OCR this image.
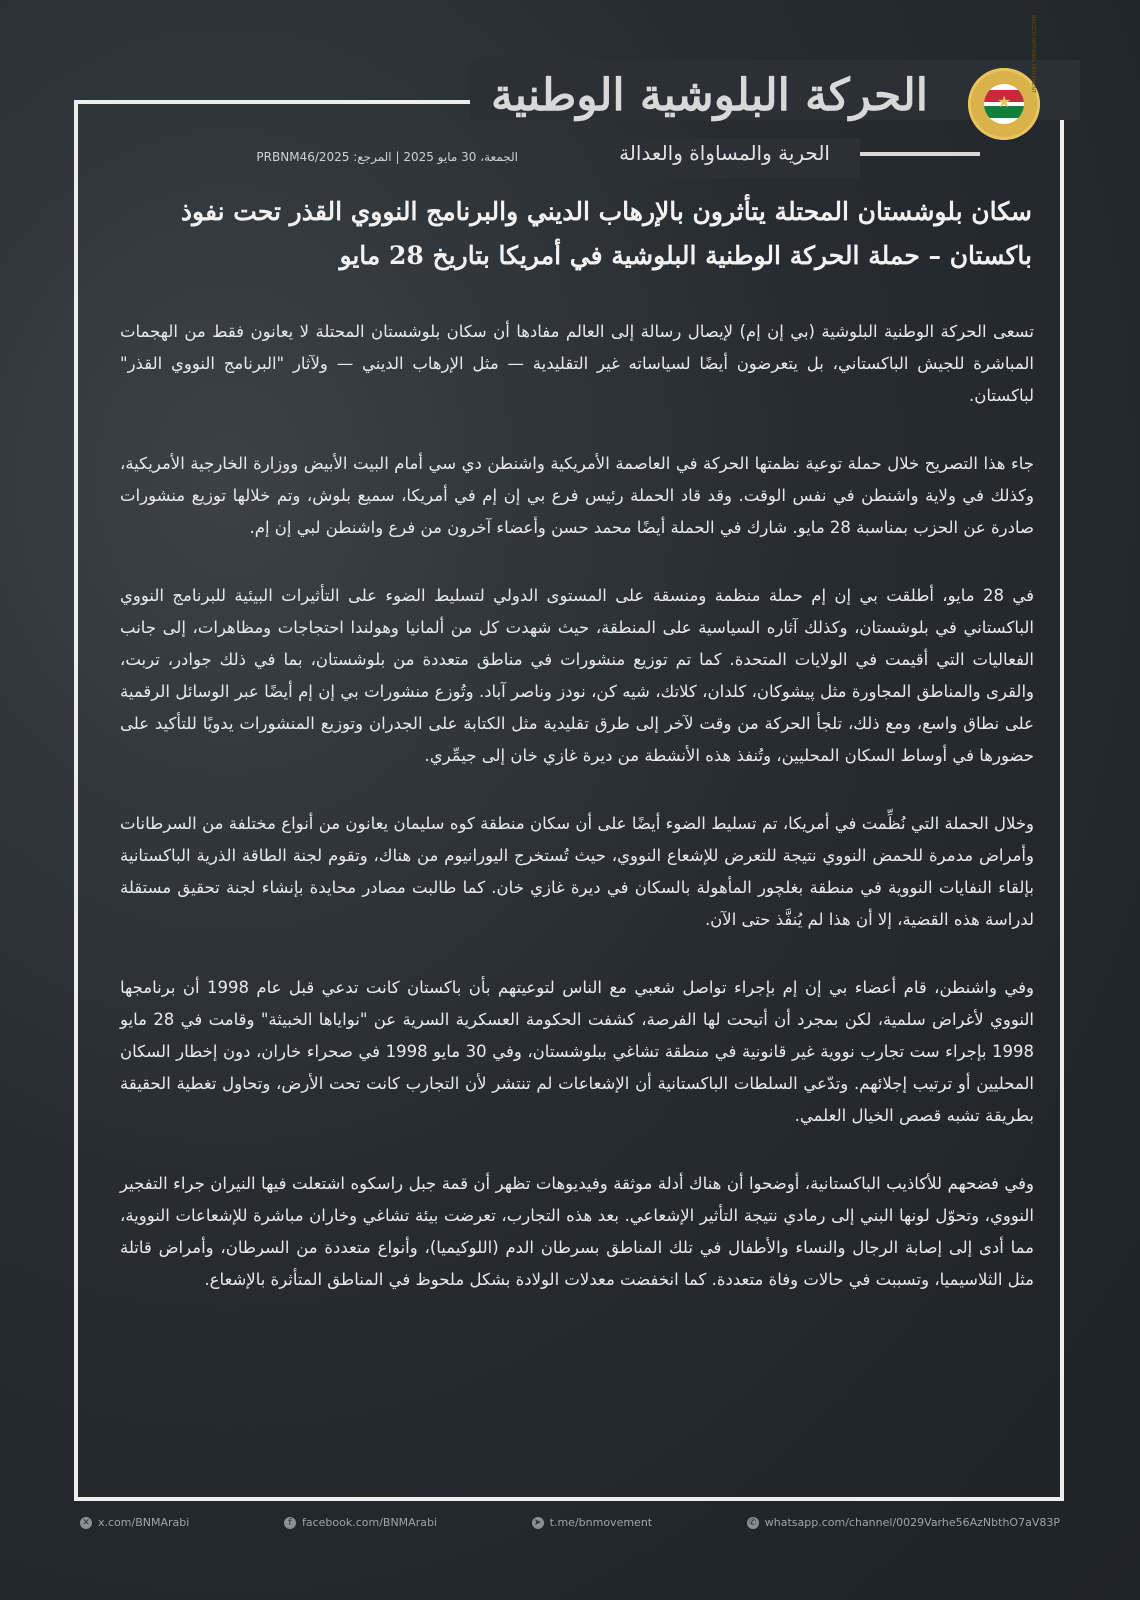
★
BALOCH NATIONAL MOVEMENT
الحركة البلوشية الوطنية
الحرية والمساواة والعدالة
الجمعة، 30 مايو 2025 | المرجع: PRBNM46/2025
سكان بلوشستان المحتلة يتأثرون بالإرهاب الديني والبرنامج النووي القذر تحت نفوذ باكستان – حملة الحركة الوطنية البلوشية في أمريكا بتاريخ 28 مايو

تسعى الحركة الوطنية البلوشية (بي إن إم) لإيصال رسالة إلى العالم مفادها أن سكان بلوشستان المحتلة لا يعانون فقط من الهجمات المباشرة للجيش الباكستاني، بل يتعرضون أيضًا لسياساته غير التقليدية — مثل الإرهاب الديني — ولآثار "البرنامج النووي القذر" لباكستان.

جاء هذا التصريح خلال حملة توعية نظمتها الحركة في العاصمة الأمريكية واشنطن دي سي أمام البيت الأبيض ووزارة الخارجية الأمريكية، وكذلك في ولاية واشنطن في نفس الوقت. وقد قاد الحملة رئيس فرع بي إن إم في أمريكا، سميع بلوش، وتم خلالها توزيع منشورات صادرة عن الحزب بمناسبة 28 مايو. شارك في الحملة أيضًا محمد حسن وأعضاء آخرون من فرع واشنطن لبي إن إم.

في 28 مايو، أطلقت بي إن إم حملة منظمة ومنسقة على المستوى الدولي لتسليط الضوء على التأثيرات البيئية للبرنامج النووي الباكستاني في بلوشستان، وكذلك آثاره السياسية على المنطقة، حيث شهدت كل من ألمانيا وهولندا احتجاجات ومظاهرات، إلى جانب الفعاليات التي أقيمت في الولايات المتحدة. كما تم توزيع منشورات في مناطق متعددة من بلوشستان، بما في ذلك جوادر، تربت، والقرى والمناطق المجاورة مثل پيشوكان، كلدان، كلاتك، شيه كن، نودز وناصر آباد. وتُوزع منشورات بي إن إم أيضًا عبر الوسائل الرقمية على نطاق واسع، ومع ذلك، تلجأ الحركة من وقت لآخر إلى طرق تقليدية مثل الكتابة على الجدران وتوزيع المنشورات يدويًا للتأكيد على حضورها في أوساط السكان المحليين، وتُنفذ هذه الأنشطة من ديرة غازي خان إلى جيمِّري.

وخلال الحملة التي نُظِّمت في أمريكا، تم تسليط الضوء أيضًا على أن سكان منطقة كوه سليمان يعانون من أنواع مختلفة من السرطانات وأمراض مدمرة للحمض النووي نتيجة للتعرض للإشعاع النووي، حيث تُستخرج اليورانيوم من هناك، وتقوم لجنة الطاقة الذرية الباكستانية بإلقاء النفايات النووية في منطقة بغلچور المأهولة بالسكان في ديرة غازي خان. كما طالبت مصادر محايدة بإنشاء لجنة تحقيق مستقلة لدراسة هذه القضية، إلا أن هذا لم يُنفَّذ حتى الآن.

وفي واشنطن، قام أعضاء بي إن إم بإجراء تواصل شعبي مع الناس لتوعيتهم بأن باكستان كانت تدعي قبل عام 1998 أن برنامجها النووي لأغراض سلمية، لكن بمجرد أن أتيحت لها الفرصة، كشفت الحكومة العسكرية السرية عن "نواياها الخبيثة" وقامت في 28 مايو 1998 بإجراء ست تجارب نووية غير قانونية في منطقة تشاغي ببلوشستان، وفي 30 مايو 1998 في صحراء خاران، دون إخطار السكان المحليين أو ترتيب إجلائهم. وتدّعي السلطات الباكستانية أن الإشعاعات لم تنتشر لأن التجارب كانت تحت الأرض، وتحاول تغطية الحقيقة بطريقة تشبه قصص الخيال العلمي.

وفي فضحهم للأكاذيب الباكستانية، أوضحوا أن هناك أدلة موثقة وفيديوهات تظهر أن قمة جبل راسكوه اشتعلت فيها النيران جراء التفجير النووي، وتحوّل لونها البني إلى رمادي نتيجة التأثير الإشعاعي. بعد هذه التجارب، تعرضت بيئة تشاغي وخاران مباشرة للإشعاعات النووية، مما أدى إلى إصابة الرجال والنساء والأطفال في تلك المناطق بسرطان الدم (اللوكيميا)، وأنواع متعددة من السرطان، وأمراض قاتلة مثل الثلاسيميا، وتسببت في حالات وفاة متعددة. كما انخفضت معدلات الولادة بشكل ملحوظ في المناطق المتأثرة بالإشعاع.

✕ x.com/BNMArabi	f facebook.com/BNMArabi	➤ t.me/bnmovement	✆ whatsapp.com/channel/0029Varhe56AzNbthO7aV83P
